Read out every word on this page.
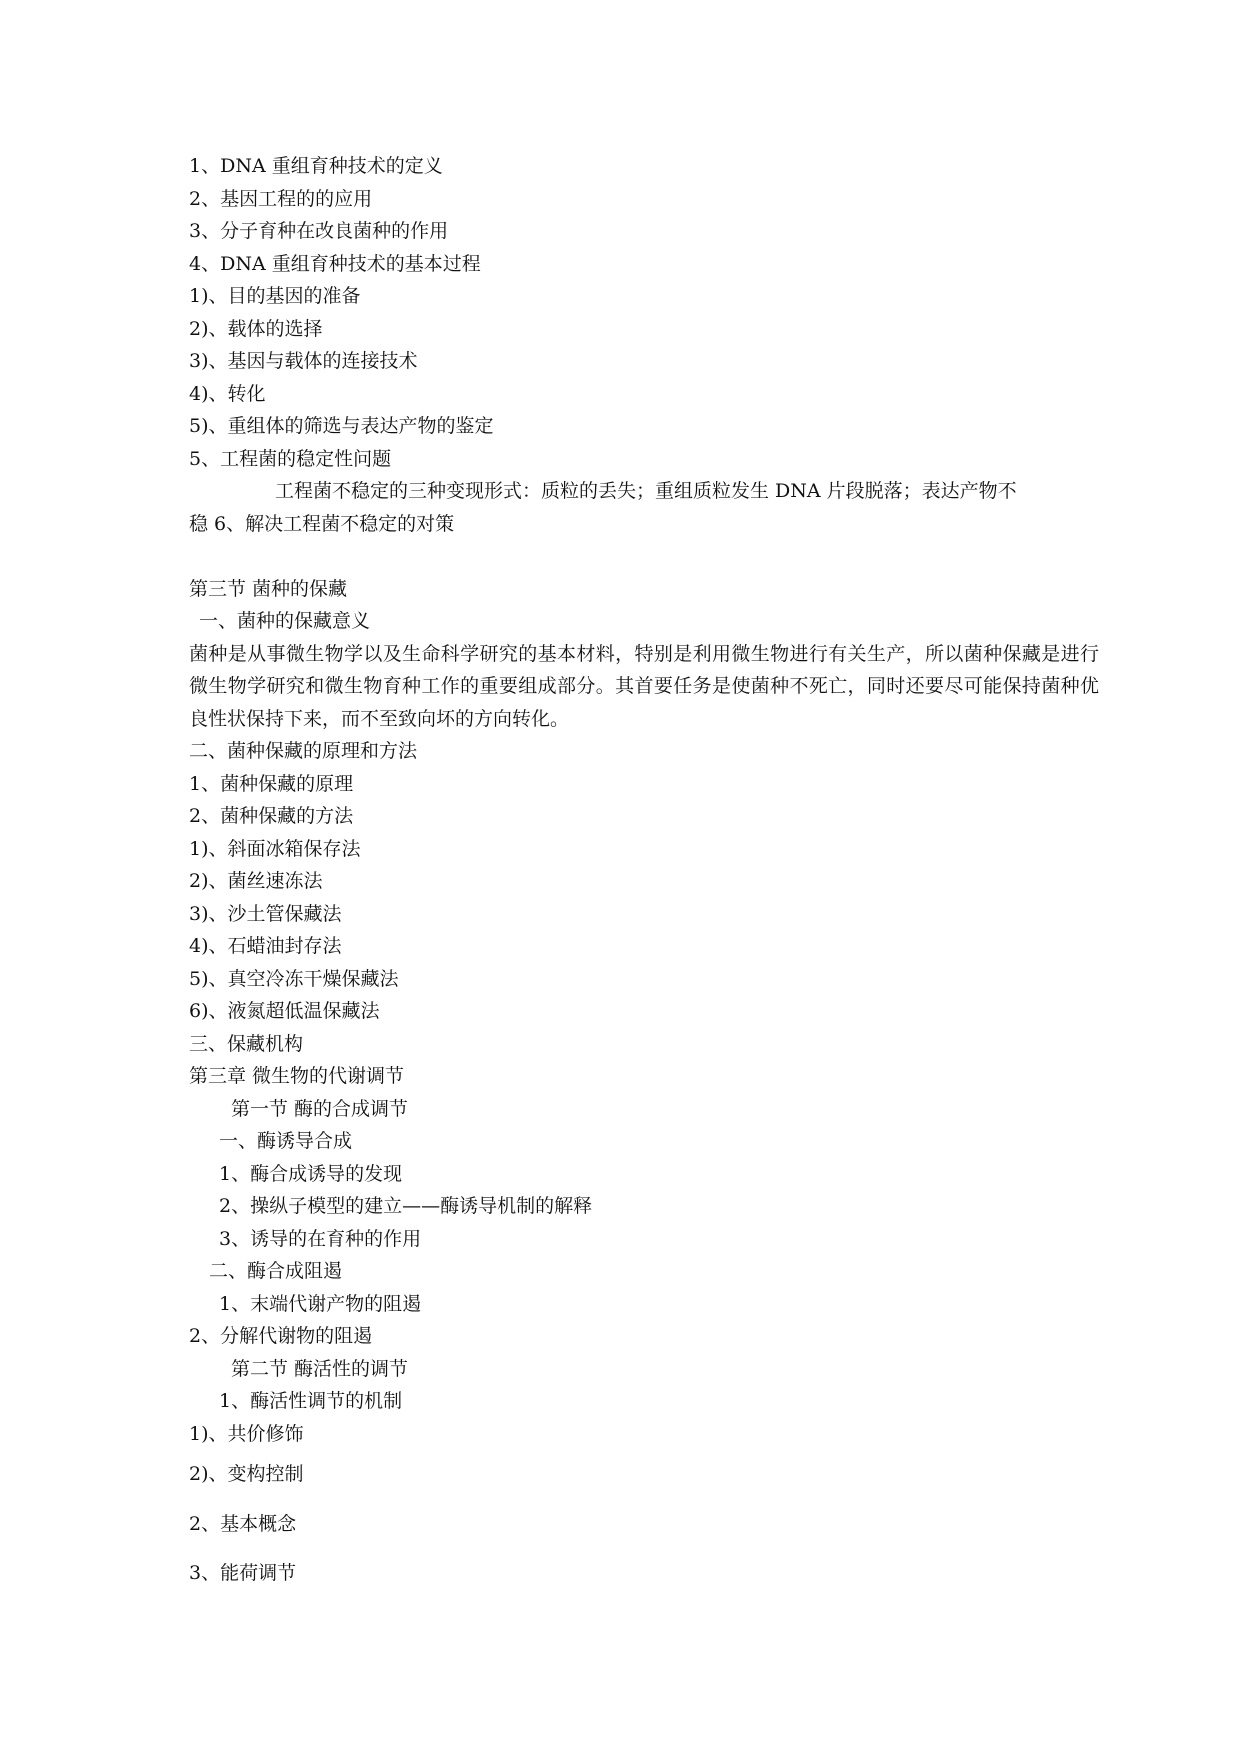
1、DNA 重组育种技术的定义
2、基因工程的的应用
3、分子育种在改良菌种的作用
4、DNA 重组育种技术的基本过程
1)、目的基因的准备
2)、载体的选择
3)、基因与载体的连接技术
4)、转化
5)、重组体的筛选与表达产物的鉴定
5、工程菌的稳定性问题
工程菌不稳定的三种变现形式：质粒的丢失；重组质粒发生 DNA 片段脱落；表达产物不
稳 6、解决工程菌不稳定的对策
第三节 菌种的保藏
一、菌种的保藏意义
菌种是从事微生物学以及生命科学研究的基本材料，特别是利用微生物进行有关生产，所以菌种保藏是进行微生物学研究和微生物育种工作的重要组成部分。其首要任务是使菌种不死亡，同时还要尽可能保持菌种优良性状保持下来，而不至致向坏的方向转化。
二、菌种保藏的原理和方法
1、菌种保藏的原理
2、菌种保藏的方法
1)、斜面冰箱保存法
2)、菌丝速冻法
3)、沙土管保藏法
4)、石蜡油封存法
5)、真空冷冻干燥保藏法
6)、液氮超低温保藏法
三、保藏机构
第三章 微生物的代谢调节
第一节 酶的合成调节
一、酶诱导合成
1、酶合成诱导的发现
2、操纵子模型的建立——酶诱导机制的解释
3、诱导的在育种的作用
二、酶合成阻遏
1、末端代谢产物的阻遏
2、分解代谢物的阻遏
第二节 酶活性的调节
1、酶活性调节的机制
1)、共价修饰
2)、变构控制
2、基本概念
3、能荷调节
